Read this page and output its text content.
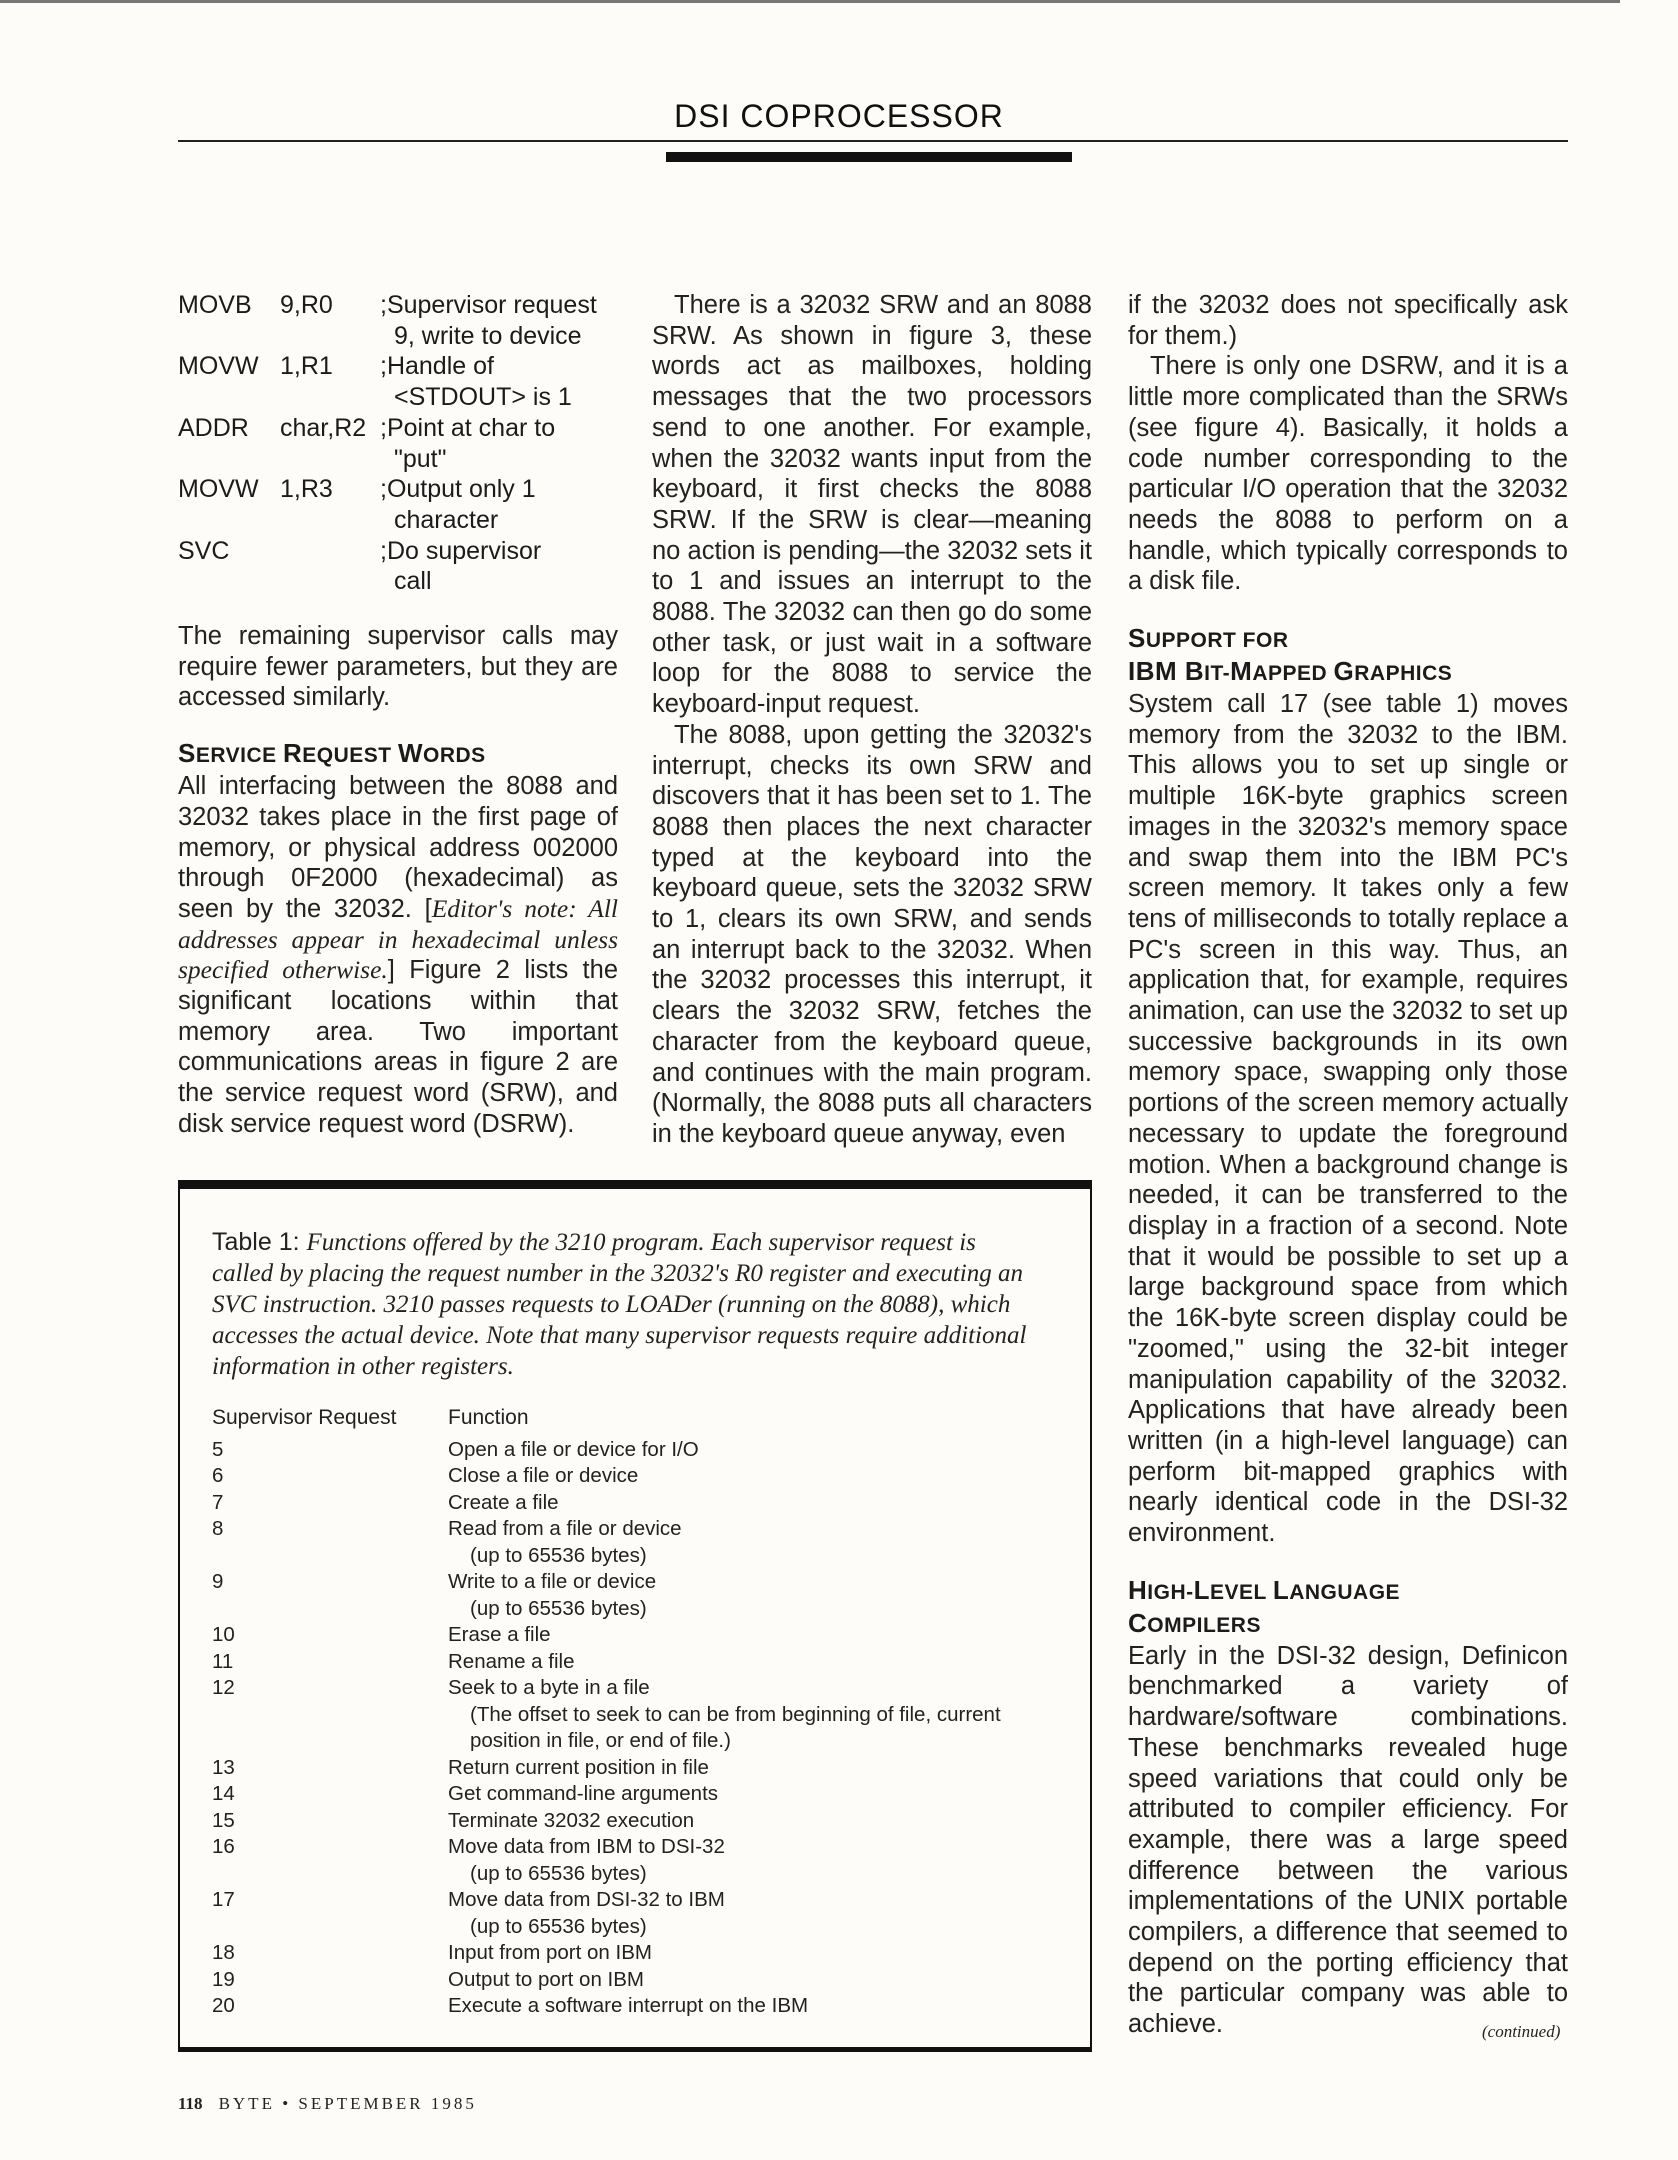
DSI COPROCESSOR
MOVB	9,R0	;Supervisor request
9, write to device
MOVW 1,R1	;Handle of
<STDOUT> is 1
ADDR	char,R2 ;Point at char to
"put"
MOVW 1,R3	;Output only 1
character
SVC	;Do supervisor
call

The remaining supervisor calls may require fewer parameters, but they are accessed similarly.

SERVICE REQUEST WORDS

All interfacing between the 8088 and 32032 takes place in the first page of memory, or physical address 002000 through 0F2000 (hexadecimal) as seen by the 32032. [Editor's note: All addresses appear in hexadecimal unless specified otherwise.] Figure 2 lists the significant locations within that memory area. Two important communications areas in figure 2 are the service request word (SRW), and disk service request word (DSRW).

There is a 32032 SRW and an 8088 SRW. As shown in figure 3, these words act as mailboxes, holding messages that the two processors send to one another. For example, when the 32032 wants input from the keyboard, it first checks the 8088 SRW. If the SRW is clear—meaning no action is pending—the 32032 sets it to 1 and issues an interrupt to the 8088. The 32032 can then go do some other task, or just wait in a software loop for the 8088 to service the keyboard-input request.

The 8088, upon getting the 32032's interrupt, checks its own SRW and discovers that it has been set to 1. The 8088 then places the next character typed at the keyboard into the keyboard queue, sets the 32032 SRW to 1, clears its own SRW, and sends an interrupt back to the 32032. When the 32032 processes this interrupt, it clears the 32032 SRW, fetches the character from the keyboard queue, and continues with the main program. (Normally, the 8088 puts all characters in the keyboard queue anyway, even

if the 32032 does not specifically ask for them.)

There is only one DSRW, and it is a little more complicated than the SRWs (see figure 4). Basically, it holds a code number corresponding to the particular I/O operation that the 32032 needs the 8088 to perform on a handle, which typically corresponds to a disk file.

SUPPORT FOR
IBM BIT-MAPPED GRAPHICS

System call 17 (see table 1) moves memory from the 32032 to the IBM. This allows you to set up single or multiple 16K-byte graphics screen images in the 32032's memory space and swap them into the IBM PC's screen memory. It takes only a few tens of milliseconds to totally replace a PC's screen in this way. Thus, an application that, for example, requires animation, can use the 32032 to set up successive backgrounds in its own memory space, swapping only those portions of the screen memory actually necessary to update the foreground motion. When a background change is needed, it can be transferred to the display in a fraction of a second. Note that it would be possible to set up a large background space from which the 16K-byte screen display could be "zoomed," using the 32-bit integer manipulation capability of the 32032. Applications that have already been written (in a high-level language) can perform bit-mapped graphics with nearly identical code in the DSI-32 environment.

HIGH-LEVEL LANGUAGE
COMPILERS

Early in the DSI-32 design, Definicon benchmarked a variety of hardware/software combinations. These benchmarks revealed huge speed variations that could only be attributed to compiler efficiency. For example, there was a large speed difference between the various implementations of the UNIX portable compilers, a difference that seemed to depend on the porting efficiency that the particular company was able to achieve.	(continued)
Table 1: Functions offered by the 3210 program. Each supervisor request is called by placing the request number in the 32032's R0 register and executing an SVC instruction. 3210 passes requests to LOADer (running on the 8088), which accesses the actual device. Note that many supervisor requests require additional information in other registers.
Supervisor Request	Function
5	Open a file or device for I/O
6	Close a file or device
7	Create a file
8	Read from a file or device
(up to 65536 bytes)
9	Write to a file or device
(up to 65536 bytes)
10	Erase a file
11	Rename a file
12	Seek to a byte in a file
(The offset to seek to can be from beginning of file, current position in file, or end of file.)
13	Return current position in file
14	Get command-line arguments
15	Terminate 32032 execution
16	Move data from IBM to DSI-32
(up to 65536 bytes)
17	Move data from DSI-32 to IBM
(up to 65536 bytes)
18	Input from port on IBM
19	Output to port on IBM
20	Execute a software interrupt on the IBM
118 BYTE • SEPTEMBER 1985
